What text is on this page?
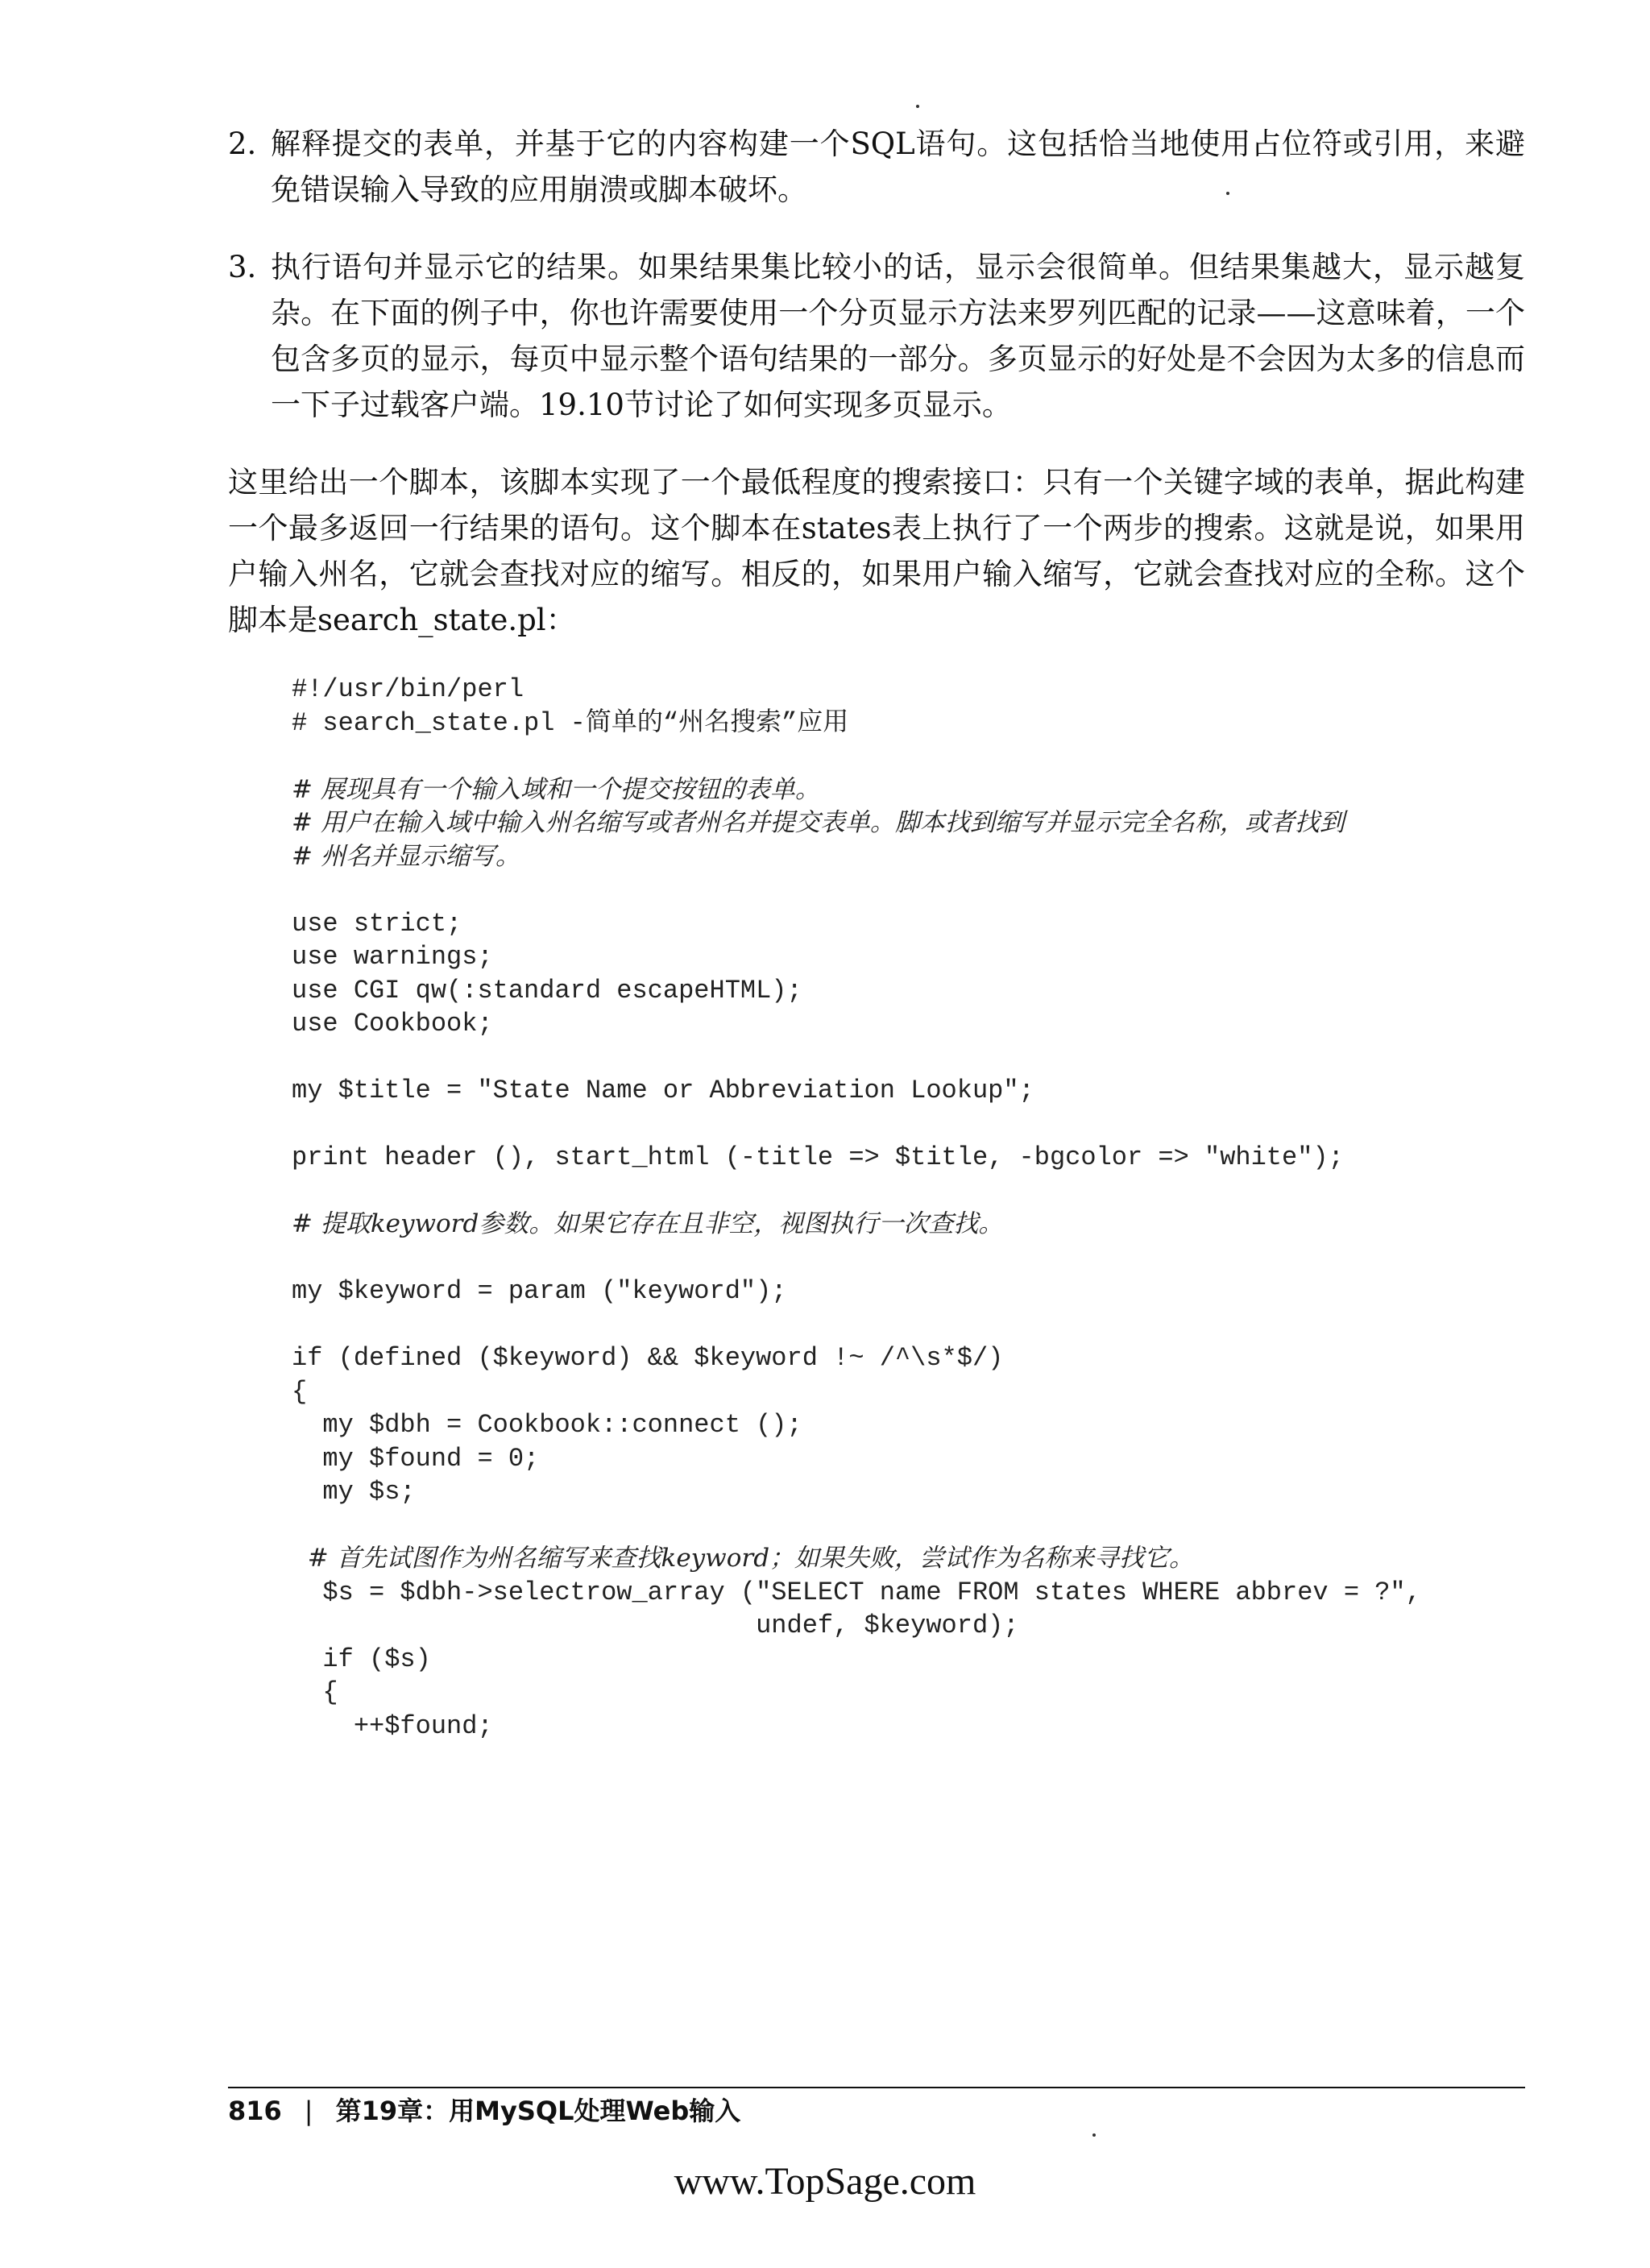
2. 解释提交的表单，并基于它的内容构建一个SQL语句。这包括恰当地使用占位符或引用，来避免错误输入导致的应用崩溃或脚本破坏。
3. 执行语句并显示它的结果。如果结果集比较小的话，显示会很简单。但结果集越大，显示越复杂。在下面的例子中，你也许需要使用一个分页显示方法来罗列匹配的记录——这意味着，一个包含多页的显示，每页中显示整个语句结果的一部分。多页显示的好处是不会因为太多的信息而一下子过载客户端。19.10节讨论了如何实现多页显示。
这里给出一个脚本，该脚本实现了一个最低程度的搜索接口：只有一个关键字域的表单，据此构建一个最多返回一行结果的语句。这个脚本在states表上执行了一个两步的搜索。这就是说，如果用户输入州名，它就会查找对应的缩写。相反的，如果用户输入缩写，它就会查找对应的全称。这个脚本是search_state.pl：
#!/usr/bin/perl
# search_state.pl -简单的“州名搜索”应用
# 展现具有一个输入域和一个提交按钮的表单。
# 用户在输入域中输入州名缩写或者州名并提交表单。脚本找到缩写并显示完全名称，或者找到
# 州名并显示缩写。
use strict;
use warnings;
use CGI qw(:standard escapeHTML);
use Cookbook;
my $title = "State Name or Abbreviation Lookup";
print header (), start_html (-title => $title, -bgcolor => "white");
# 提取keyword参数。如果它存在且非空，视图执行一次查找。
my $keyword = param ("keyword");
if (defined ($keyword) && $keyword !~ /^\s*$/)
{
my $dbh = Cookbook::connect ();
my $found = 0;
my $s;
# 首先试图作为州名缩写来查找keyword；如果失败，尝试作为名称来寻找它。
$s = $dbh->selectrow_array ("SELECT name FROM states WHERE abbrev = ?",
undef, $keyword);
if ($s)
{
++$found;
816 | 第19章：用MySQL处理Web输入
www.TopSage.com
